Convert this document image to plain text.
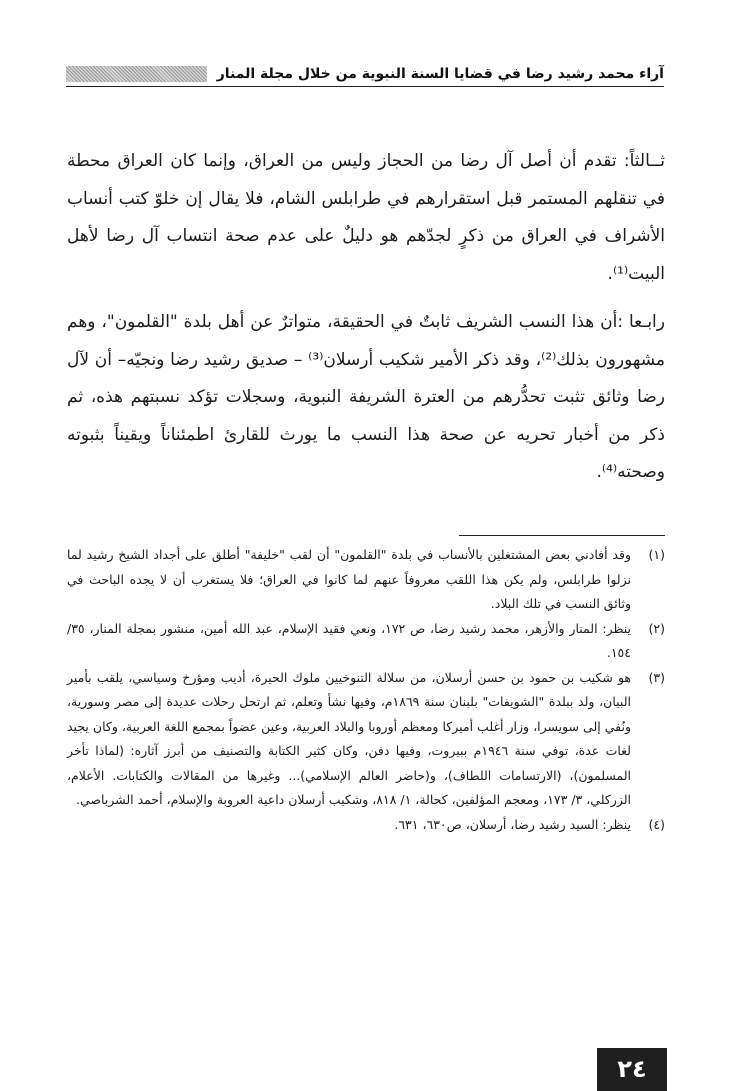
آراء محمد رشيد رضا في قضايا السنة النبوية من خلال مجلة المنار

ثــالثاً: تقدم أن أصل آل رضا من الحجاز وليس من العراق، وإنما كان العراق محطة في تنقلهم المستمر قبل استقرارهم في طرابلس الشام، فلا يقال إن خلوّ كتب أنساب الأشراف في العراق من ذكرٍ لجدّهم هو دليلٌ على عدم صحة انتساب آل رضا لأهل البيت⁽¹⁾.

رابـعا :أن هذا النسب الشريف ثابتٌ في الحقيقة، متواترٌ عن أهل بلدة "القلمون"، وهم مشهورون بذلك⁽²⁾، وقد ذكر الأمير شكيب أرسلان⁽³⁾ – صديق رشيد رضا ونجيّه– أن لآل رضا وثائق تثبت تحدُّرهم من العترة الشريفة النبوية، وسجلات تؤكد نسبتهم هذه، ثم ذكر من أخبار تحريه عن صحة هذا النسب ما يورث للقارئ اطمئناناً ويقيناً بثبوته وصحته⁽⁴⁾.

(١)
وقد أفادني بعض المشتغلين بالأنساب في بلدة "القلمون" أن لقب "خليفة" أطلق على أجداد الشيخ رشيد لما نزلوا طرابلس، ولم يكن هذا اللقب معروفاً عنهم لما كانوا في العراق؛ فلا يستغرب أن لا يجده الباحث في وثائق النسب في تلك البلاد.
(٢)
ينظر: المنار والأزهر، محمد رشيد رضا، ص ١٧٢، ونعي فقيد الإسلام، عبد الله أمين، منشور بمجلة المنار، ٣٥/ ١٥٤.
(٣)
هو شكيب بن حمود بن حسن أرسلان، من سلالة التنوخيين ملوك الحيرة، أديب ومؤرخ وسياسي، يلقب بأمير البيان، ولد ببلدة "الشويفات" بلبنان سنة ١٨٦٩م، وفيها نشأ وتعلم، ثم ارتحل رحلات عديدة إلى مصر وسورية، ونُفي إلى سويسرا، وزار أغلب أميركا ومعظم أوروبا والبلاد العربية، وعين عضواً بمجمع اللغة العربية، وكان يجيد لغات عدة، توفي سنة ١٩٤٦م ببيروت، وفيها دفن، وكان كثير الكتابة والتصنيف من أبرز آثاره: (لماذا تأخر المسلمون)، (الارتسامات اللطاف)، و(حاضر العالم الإسلامي)... وغيرها من المقالات والكتابات. الأعلام، الزركلي، ٣/ ١٧٣، ومعجم المؤلفين، كحالة، ١/ ٨١٨، وشكيب أرسلان داعية العروبة والإسلام، أحمد الشرباصي.
(٤)
ينظر: السيد رشيد رضا، أرسلان، ص٦٣٠، ٦٣١.
٢٤
